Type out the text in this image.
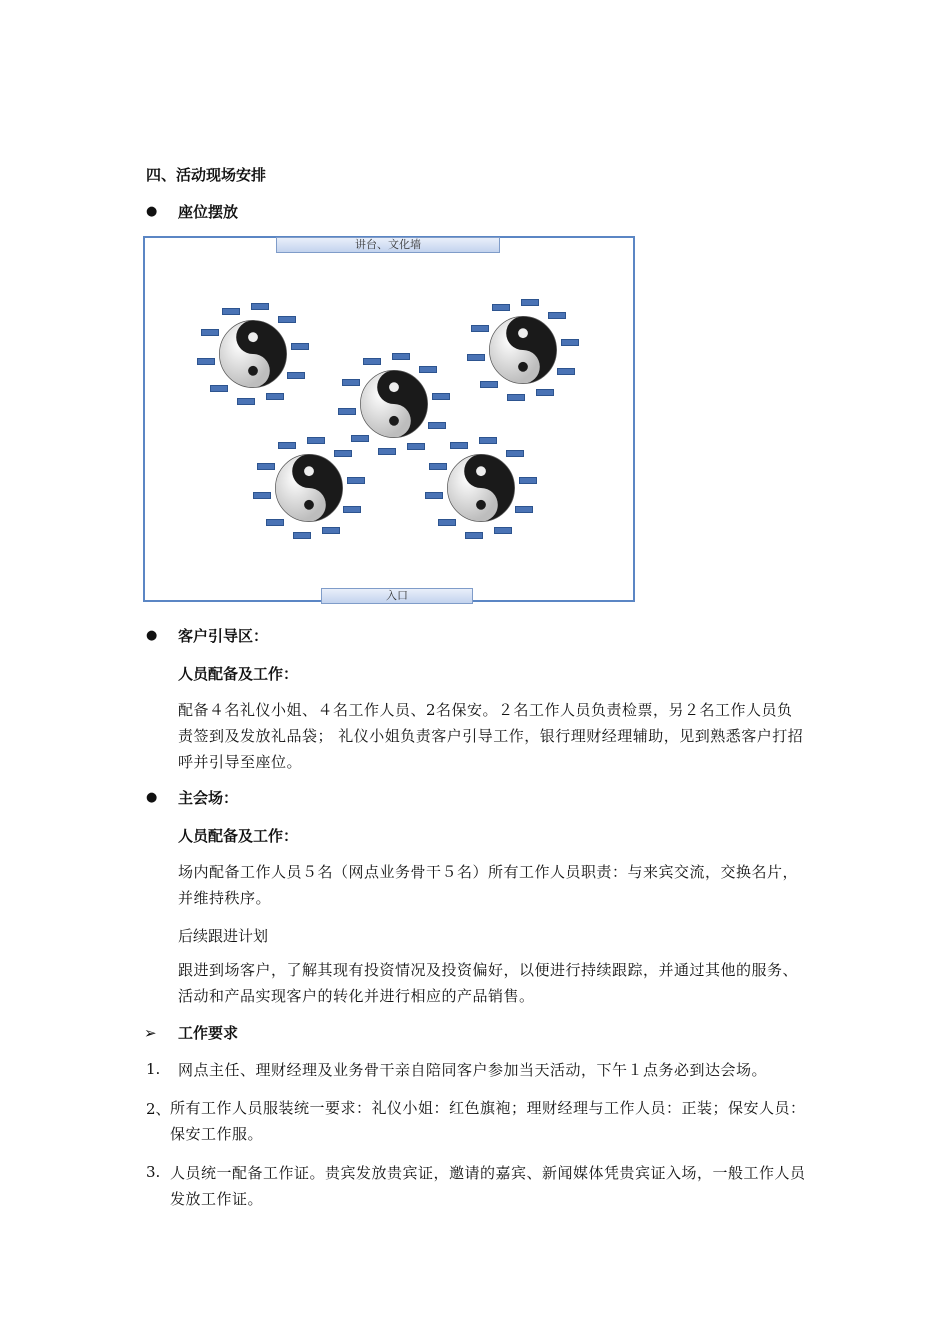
四、活动现场安排
● 座位摆放
讲台、文化墙
入口
● 客户引导区：
人员配备及工作：
配备４名礼仪小姐、４名工作人员、2名保安。２名工作人员负责检票，另２名工作人员负责签到及发放礼品袋； 礼仪小姐负责客户引导工作，银行理财经理辅助，见到熟悉客户打招呼并引导至座位。
● 主会场：
人员配备及工作：
场内配备工作人员５名（网点业务骨干５名）所有工作人员职责：与来宾交流，交换名片，并维持秩序。
后续跟进计划
跟进到场客户，了解其现有投资情况及投资偏好，以便进行持续跟踪，并通过其他的服务、活动和产品实现客户的转化并进行相应的产品销售。
➢ 工作要求
1. 网点主任、理财经理及业务骨干亲自陪同客户参加当天活动，下午１点务必到达会场。
2、 所有工作人员服装统一要求：礼仪小姐：红色旗袍；理财经理与工作人员：正装；保安人员：保安工作服。
3. 人员统一配备工作证。贵宾发放贵宾证，邀请的嘉宾、新闻媒体凭贵宾证入场，一般工作人员发放工作证。
